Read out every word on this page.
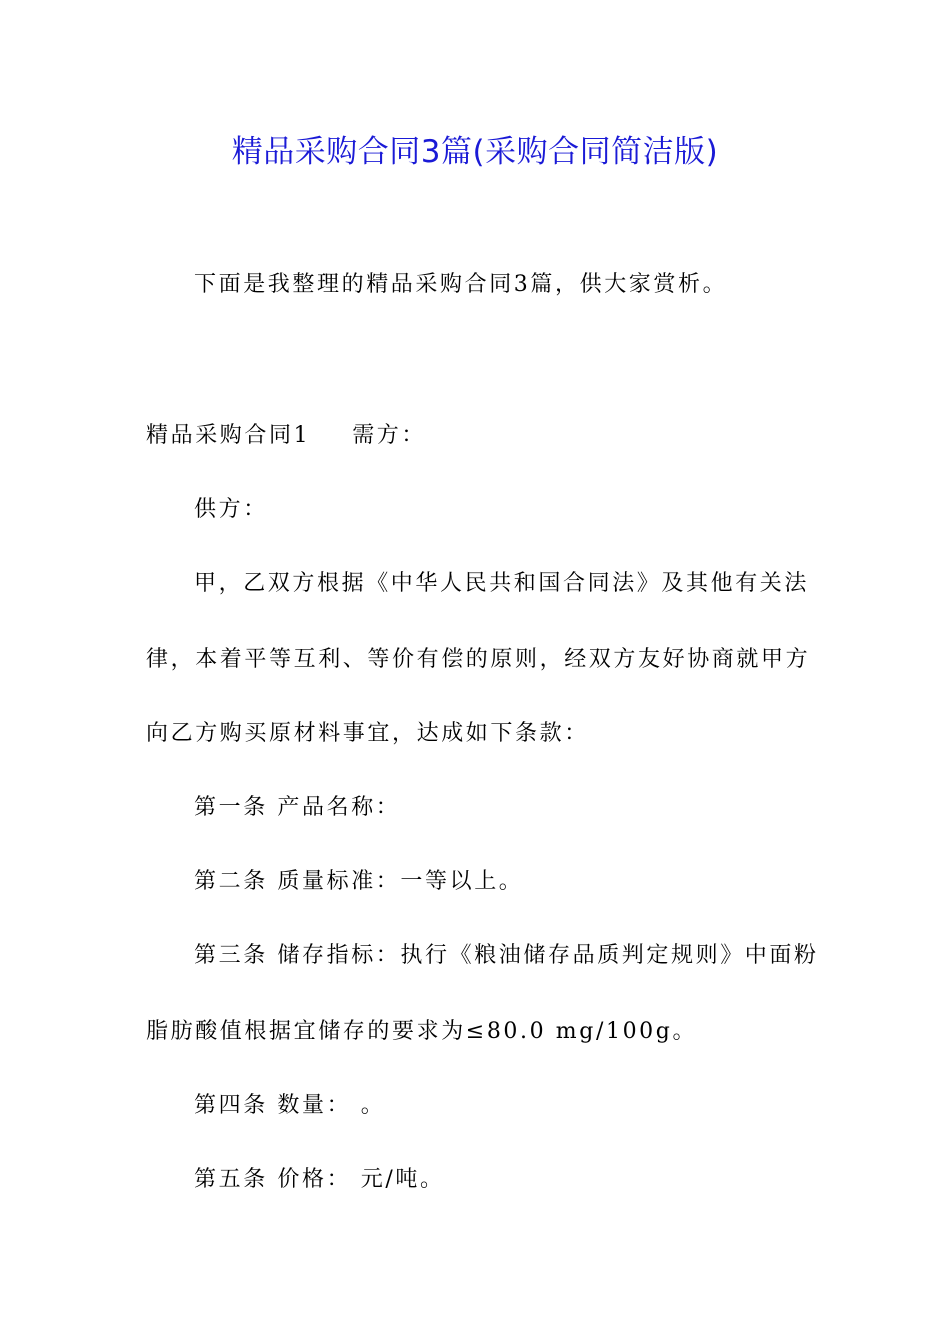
精品采购合同3篇(采购合同简洁版)
下面是我整理的精品采购合同3篇，供大家赏析。
精品采购合同1 需方：
供方：
甲，乙双方根据《中华人民共和国合同法》及其他有关法
律，本着平等互利、等价有偿的原则，经双方友好协商就甲方
向乙方购买原材料事宜，达成如下条款：
第一条 产品名称：
第二条 质量标准：一等以上。
第三条 储存指标：执行《粮油储存品质判定规则》中面粉
脂肪酸值根据宜储存的要求为≤80.0 mg/100g。
第四条 数量： 。
第五条 价格： 元/吨。
